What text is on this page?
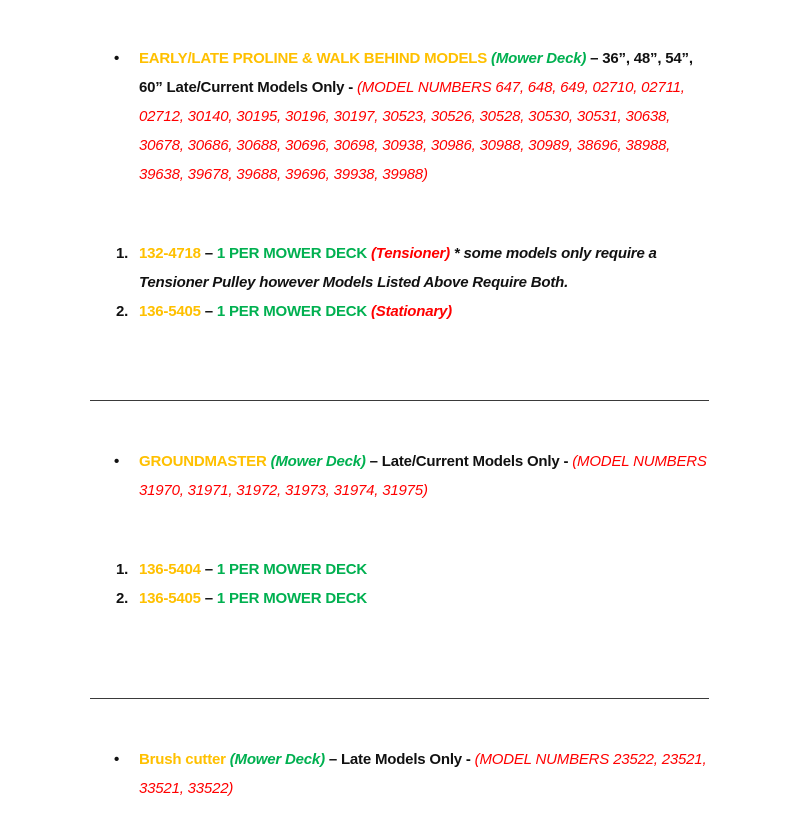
•	EARLY/LATE PROLINE & WALK BEHIND MODELS (Mower Deck) – 36”, 48”, 54”, 60” Late/Current Models Only - (MODEL NUMBERS 647, 648, 649, 02710, 02711, 02712, 30140, 30195, 30196, 30197, 30523, 30526, 30528, 30530, 30531, 30638, 30678, 30686, 30688, 30696, 30698, 30938, 30986, 30988, 30989, 38696, 38988, 39638, 39678, 39688, 39696, 39938, 39988)
1. 132-4718 – 1 PER MOWER DECK (Tensioner) * some models only require a Tensioner Pulley however Models Listed Above Require Both.
2. 136-5405 – 1 PER MOWER DECK (Stationary)
•	GROUNDMASTER (Mower Deck) – Late/Current Models Only - (MODEL NUMBERS 31970, 31971, 31972, 31973, 31974, 31975)
1. 136-5404 – 1 PER MOWER DECK
2. 136-5405 – 1 PER MOWER DECK
•	Brush cutter (Mower Deck) – Late Models Only - (MODEL NUMBERS 23522, 23521, 33521, 33522)
